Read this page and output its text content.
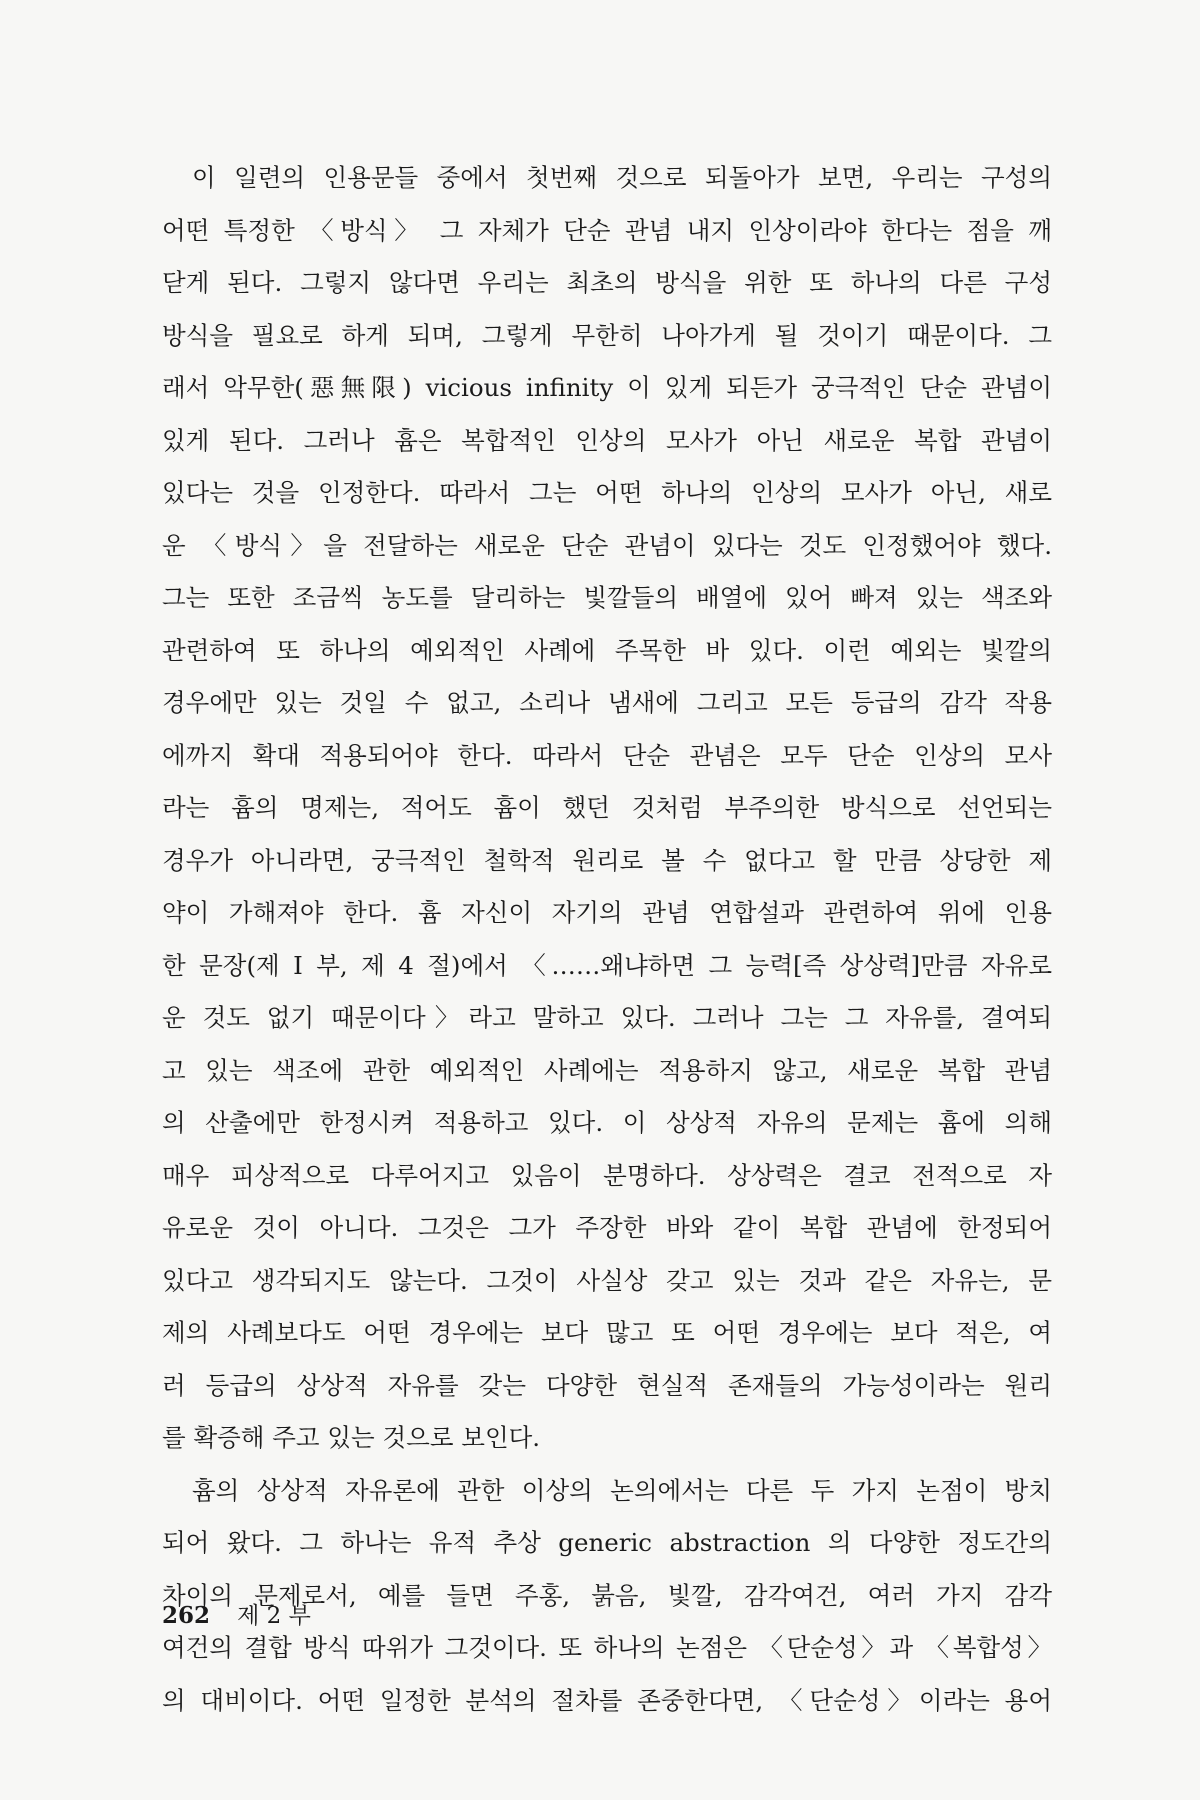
이 일련의 인용문들 중에서 첫번째 것으로 되돌아가 보면, 우리는 구성의
어떤 특정한 〈방식〉 그 자체가 단순 관념 내지 인상이라야 한다는 점을 깨
닫게 된다. 그렇지 않다면 우리는 최초의 방식을 위한 또 하나의 다른 구성
방식을 필요로 하게 되며, 그렇게 무한히 나아가게 될 것이기 때문이다. 그
래서 악무한(惡無限) vicious infinity 이 있게 되든가 궁극적인 단순 관념이
있게 된다. 그러나 흄은 복합적인 인상의 모사가 아닌 새로운 복합 관념이
있다는 것을 인정한다. 따라서 그는 어떤 하나의 인상의 모사가 아닌, 새로
운 〈방식〉을 전달하는 새로운 단순 관념이 있다는 것도 인정했어야 했다.
그는 또한 조금씩 농도를 달리하는 빛깔들의 배열에 있어 빠져 있는 색조와
관련하여 또 하나의 예외적인 사례에 주목한 바 있다. 이런 예외는 빛깔의
경우에만 있는 것일 수 없고, 소리나 냄새에 그리고 모든 등급의 감각 작용
에까지 확대 적용되어야 한다. 따라서 단순 관념은 모두 단순 인상의 모사
라는 흄의 명제는, 적어도 흄이 했던 것처럼 부주의한 방식으로 선언되는
경우가 아니라면, 궁극적인 철학적 원리로 볼 수 없다고 할 만큼 상당한 제
약이 가해져야 한다. 흄 자신이 자기의 관념 연합설과 관련하여 위에 인용
한 문장(제 I 부, 제 4 절)에서 〈……왜냐하면 그 능력[즉 상상력]만큼 자유로
운 것도 없기 때문이다〉라고 말하고 있다. 그러나 그는 그 자유를, 결여되
고 있는 색조에 관한 예외적인 사례에는 적용하지 않고, 새로운 복합 관념
의 산출에만 한정시켜 적용하고 있다. 이 상상적 자유의 문제는 흄에 의해
매우 피상적으로 다루어지고 있음이 분명하다. 상상력은 결코 전적으로 자
유로운 것이 아니다. 그것은 그가 주장한 바와 같이 복합 관념에 한정되어
있다고 생각되지도 않는다. 그것이 사실상 갖고 있는 것과 같은 자유는, 문
제의 사례보다도 어떤 경우에는 보다 많고 또 어떤 경우에는 보다 적은, 여
러 등급의 상상적 자유를 갖는 다양한 현실적 존재들의 가능성이라는 원리
를 확증해 주고 있는 것으로 보인다.
흄의 상상적 자유론에 관한 이상의 논의에서는 다른 두 가지 논점이 방치
되어 왔다. 그 하나는 유적 추상 generic abstraction 의 다양한 정도간의
차이의 문제로서, 예를 들면 주홍, 붉음, 빛깔, 감각여건, 여러 가지 감각
여건의 결합 방식 따위가 그것이다. 또 하나의 논점은 〈단순성〉과 〈복합성〉
의 대비이다. 어떤 일정한 분석의 절차를 존중한다면, 〈단순성〉이라는 용어
262 제 2 부
